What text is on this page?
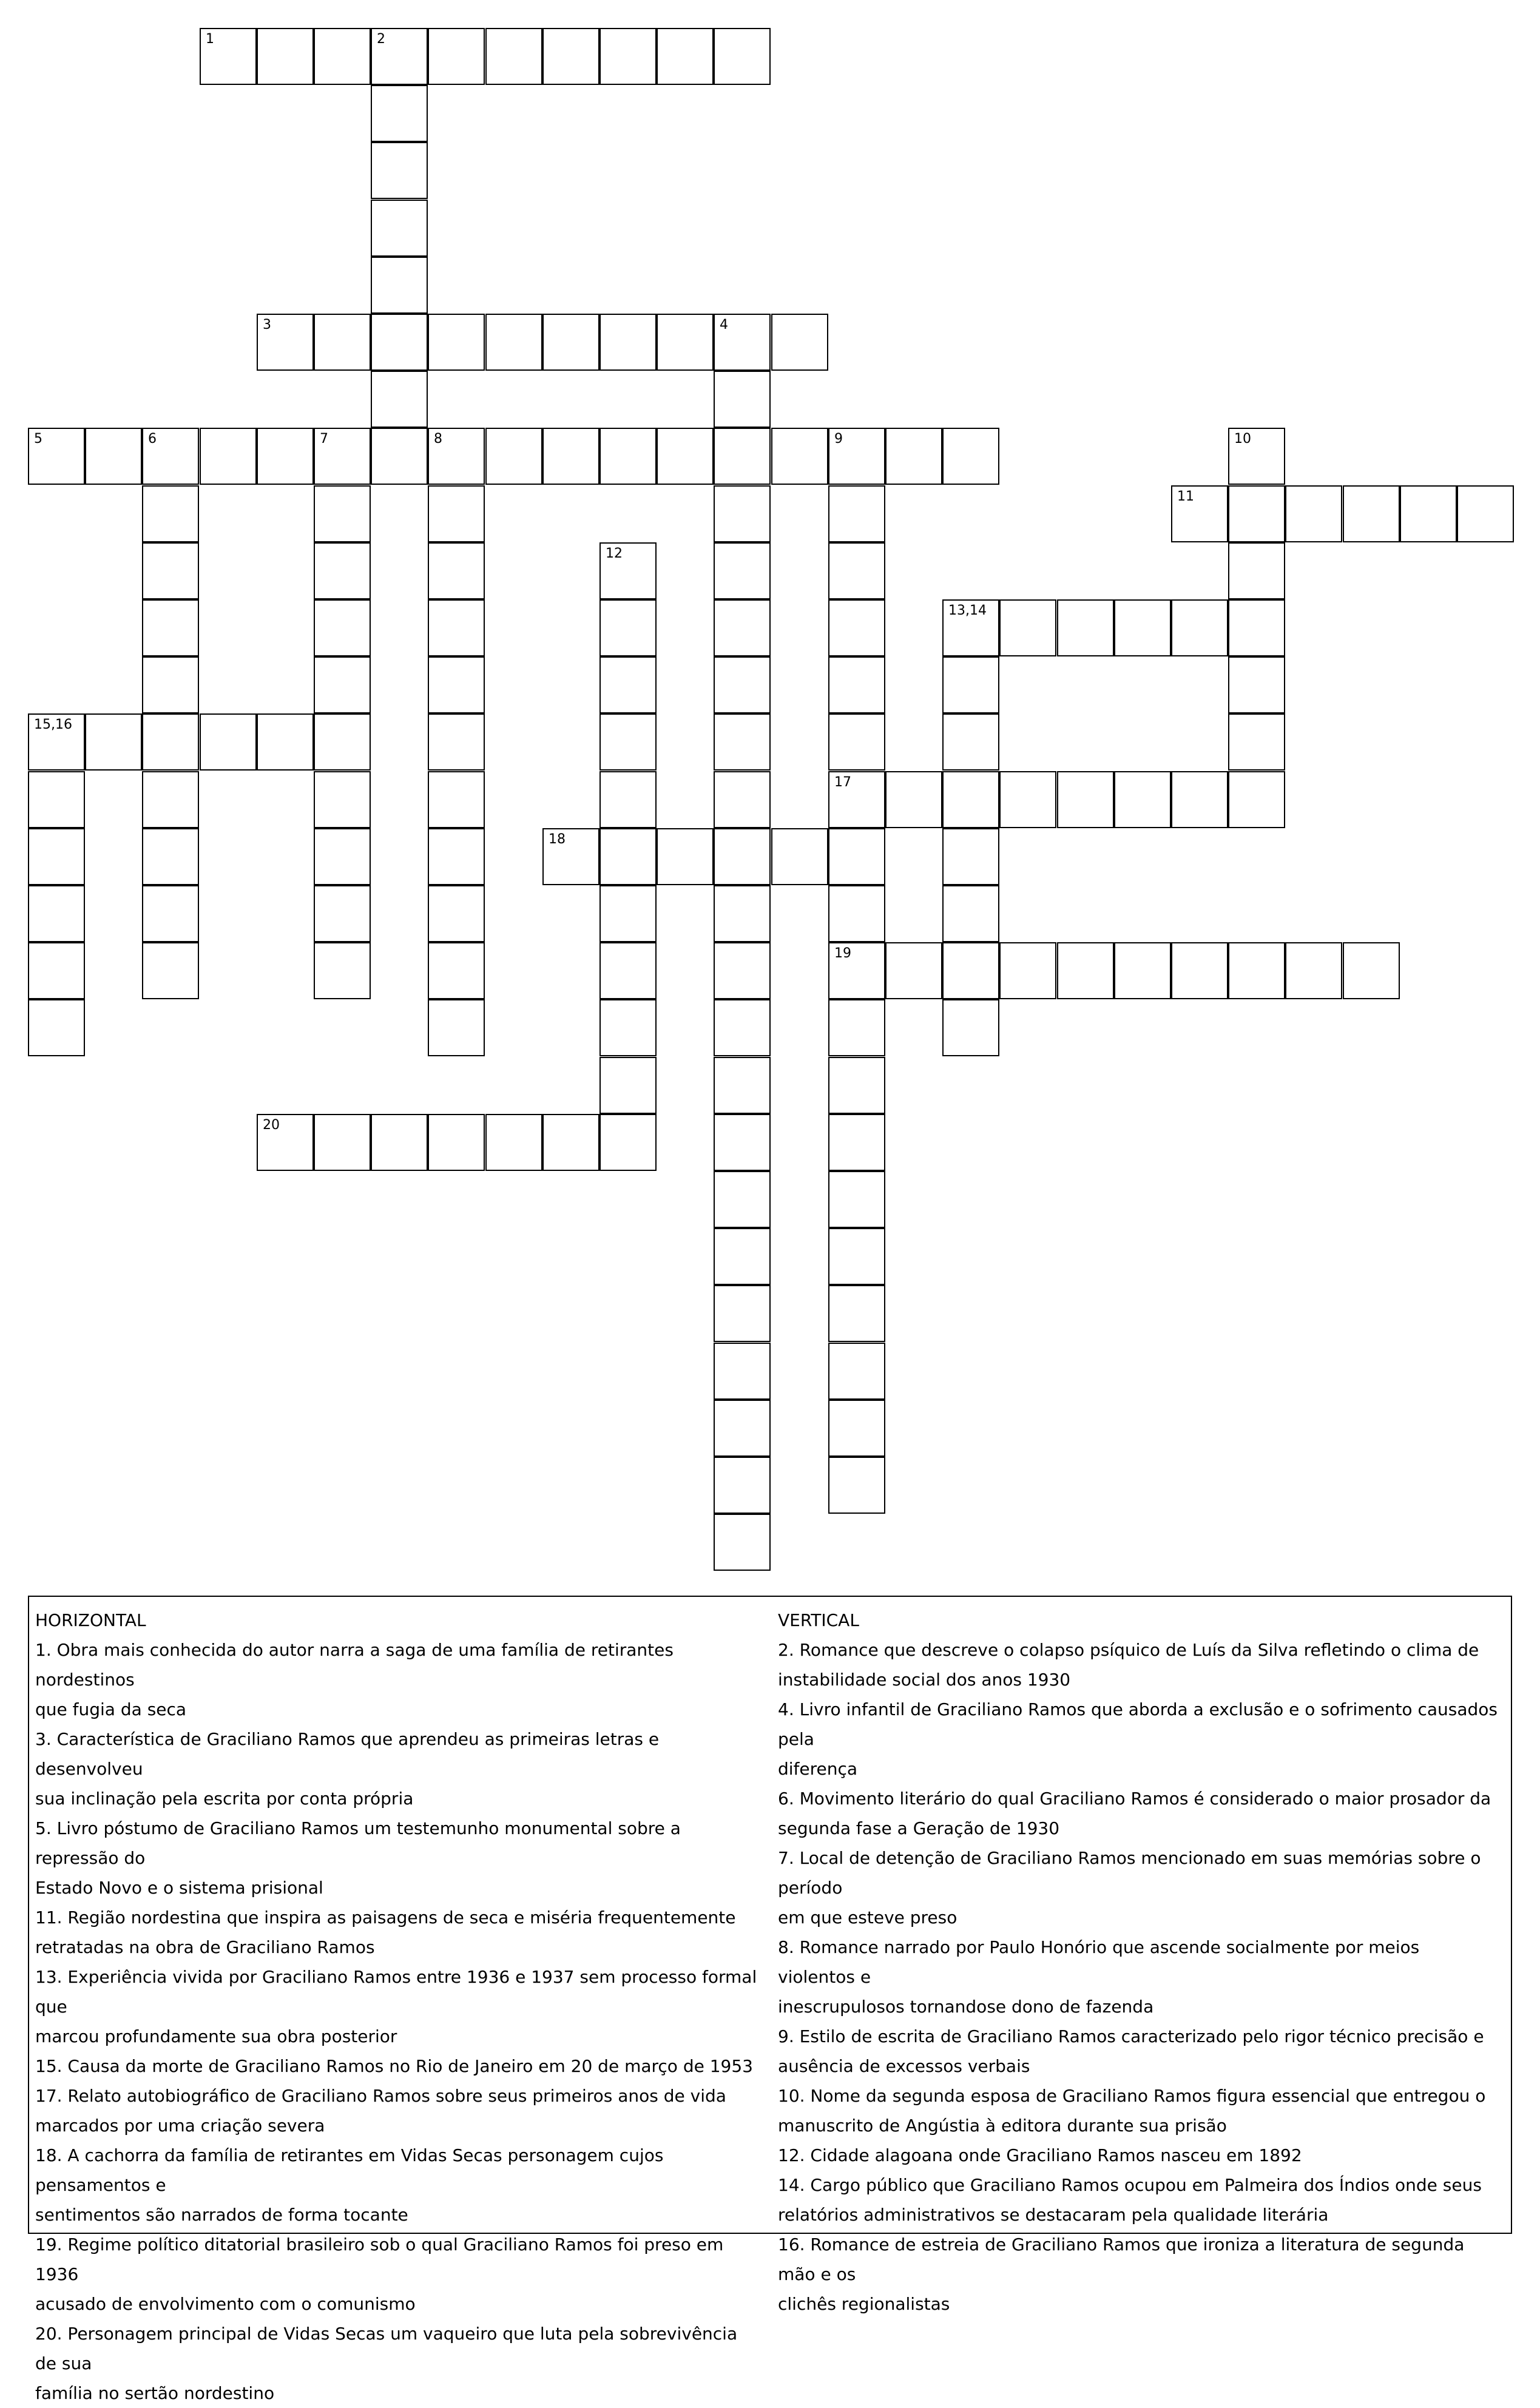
1	2
3	4
5	6	7	8	9
17
19
10
11
12
13,14
15,16
18
20

HORIZONTAL

1. Obra mais conhecida do autor narra a saga de uma família de retirantes nordestinos

que fugia da seca

3. Característica de Graciliano Ramos que aprendeu as primeiras letras e desenvolveu

sua inclinação pela escrita por conta própria

5. Livro póstumo de Graciliano Ramos um testemunho monumental sobre a repressão do

Estado Novo e o sistema prisional

11. Região nordestina que inspira as paisagens de seca e miséria frequentemente

retratadas na obra de Graciliano Ramos

13. Experiência vivida por Graciliano Ramos entre 1936 e 1937 sem processo formal que

marcou profundamente sua obra posterior

15. Causa da morte de Graciliano Ramos no Rio de Janeiro em 20 de março de 1953

17. Relato autobiográfico de Graciliano Ramos sobre seus primeiros anos de vida

marcados por uma criação severa

18. A cachorra da família de retirantes em Vidas Secas personagem cujos pensamentos e

sentimentos são narrados de forma tocante

19. Regime político ditatorial brasileiro sob o qual Graciliano Ramos foi preso em 1936

acusado de envolvimento com o comunismo

20. Personagem principal de Vidas Secas um vaqueiro que luta pela sobrevivência de sua

família no sertão nordestino

VERTICAL

2. Romance que descreve o colapso psíquico de Luís da Silva refletindo o clima de

instabilidade social dos anos 1930

4. Livro infantil de Graciliano Ramos que aborda a exclusão e o sofrimento causados pela

diferença

6. Movimento literário do qual Graciliano Ramos é considerado o maior prosador da

segunda fase a Geração de 1930

7. Local de detenção de Graciliano Ramos mencionado em suas memórias sobre o período

em que esteve preso

8. Romance narrado por Paulo Honório que ascende socialmente por meios violentos e

inescrupulosos tornandose dono de fazenda

9. Estilo de escrita de Graciliano Ramos caracterizado pelo rigor técnico precisão e

ausência de excessos verbais

10. Nome da segunda esposa de Graciliano Ramos figura essencial que entregou o

manuscrito de Angústia à editora durante sua prisão

12. Cidade alagoana onde Graciliano Ramos nasceu em 1892

14. Cargo público que Graciliano Ramos ocupou em Palmeira dos Índios onde seus

relatórios administrativos se destacaram pela qualidade literária

16. Romance de estreia de Graciliano Ramos que ironiza a literatura de segunda mão e os

clichês regionalistas
